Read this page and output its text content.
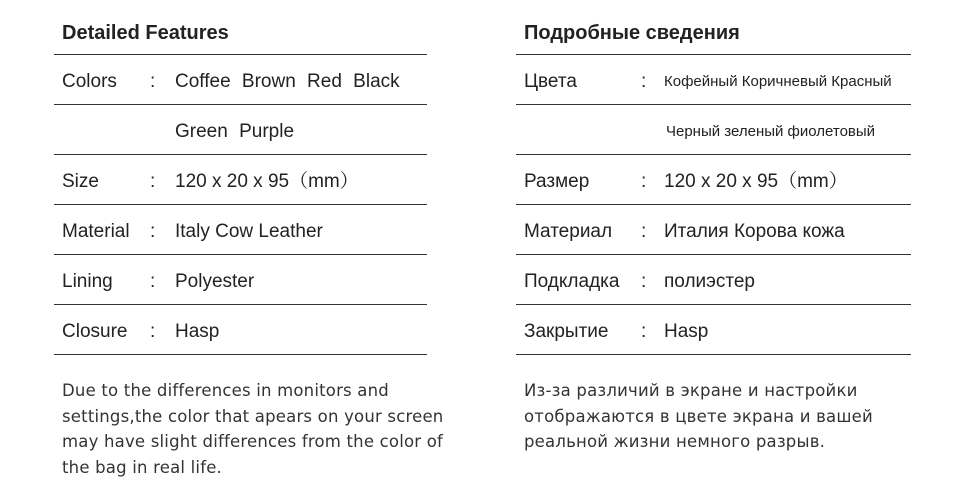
Detailed Features
Colors : Coffee Brown Red Black
Green Purple
Size	: 120 x 20 x 95（mm）
Material : Italy Cow Leather
Lining : Polyester
Closure : Hasp
Due to the differences in monitors and settings,the color that apears on your screen may have slight differences from the color of the bag in real life.
Подробные сведения
Цвета	: Кофейный Коричневый Красный
Черный зеленый фиолетовый
Размер	: 120 x 20 x 95（mm）
Материал : Италия Корова кожа
Подкладка : полиэстер
Закрытие : Hasp
Из-за различий в экране и настройки отображаются в цвете экрана и вашей реальной жизни немного разрыв.
